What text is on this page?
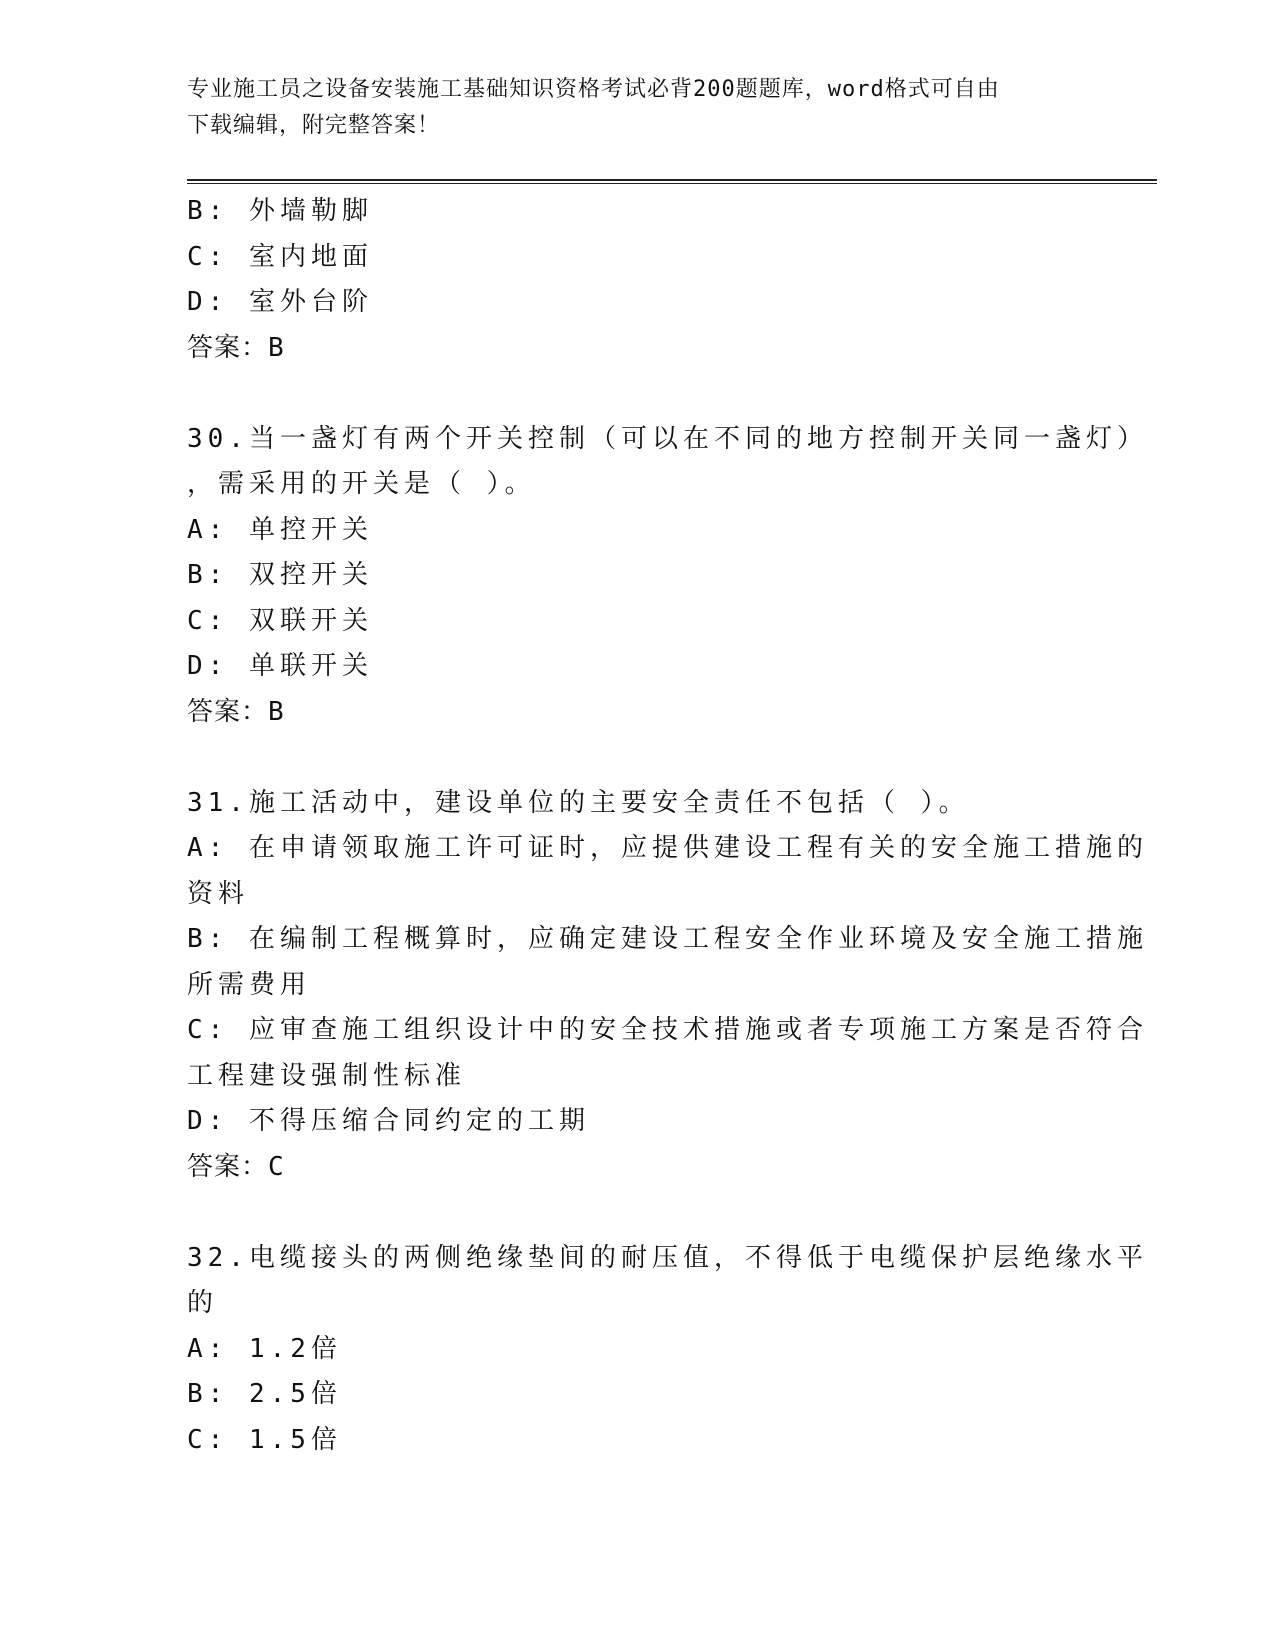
专业施工员之设备安装施工基础知识资格考试必背200题题库，word格式可自由
下载编辑，附完整答案！
B: 外墙勒脚
C: 室内地面
D: 室外台阶
答案：B
30.当一盏灯有两个开关控制（可以在不同的地方控制开关同一盏灯）
，需采用的开关是（ ）。
A: 单控开关
B: 双控开关
C: 双联开关
D: 单联开关
答案：B
31.施工活动中，建设单位的主要安全责任不包括（ ）。
A: 在申请领取施工许可证时，应提供建设工程有关的安全施工措施的
资料
B: 在编制工程概算时，应确定建设工程安全作业环境及安全施工措施
所需费用
C: 应审查施工组织设计中的安全技术措施或者专项施工方案是否符合
工程建设强制性标准
D: 不得压缩合同约定的工期
答案：C
32.电缆接头的两侧绝缘垫间的耐压值，不得低于电缆保护层绝缘水平
的
A: 1.2倍
B: 2.5倍
C: 1.5倍
